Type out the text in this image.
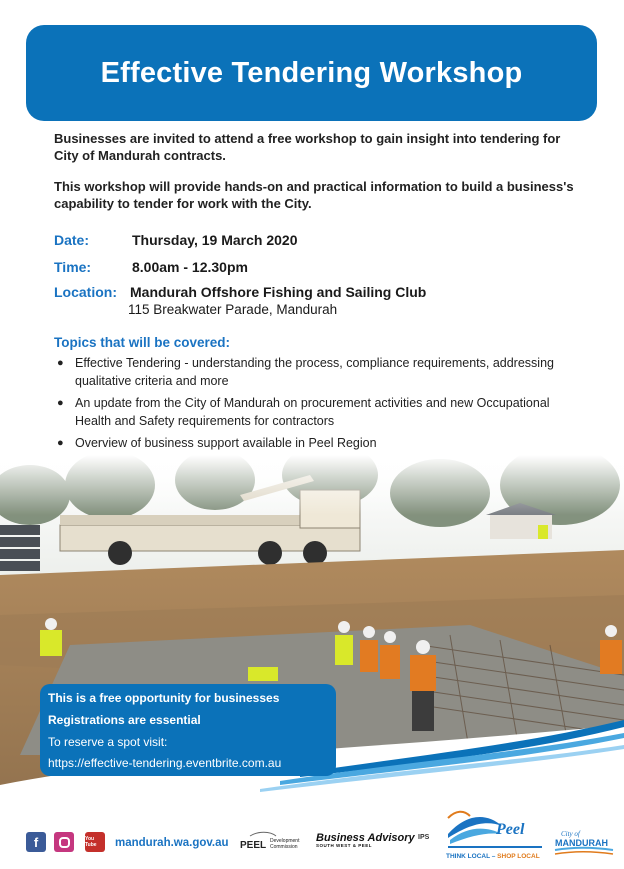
Effective Tendering Workshop
Businesses are invited to attend a free workshop to gain insight into tendering for City of Mandurah contracts.
This workshop will provide hands-on and practical information to build a business's capability to tender for work with the City.
Date:	Thursday, 19 March 2020
Time:	8.00am - 12.30pm
Location: Mandurah Offshore Fishing and Sailing Club
115 Breakwater Parade, Mandurah
Topics that will be covered:
● Effective Tendering - understanding the process, compliance requirements, addressing qualitative criteria and more
● An update from the City of Mandurah on procurement activities and new Occupational Health and Safety requirements for contractors
● Overview of business support available in Peel Region
This is a free opportunity for businesses
Registrations are essential
To reserve a spot visit:
https://effective-tendering.eventbrite.com.au
f	You Tube	mandurah.wa.gov.au PEEL Development
Commission
Business Advisory
SOUTH WEST & PEEL
IPS	Peel
THINK LOCAL – SHOP LOCAL
City of
MANDURAH
